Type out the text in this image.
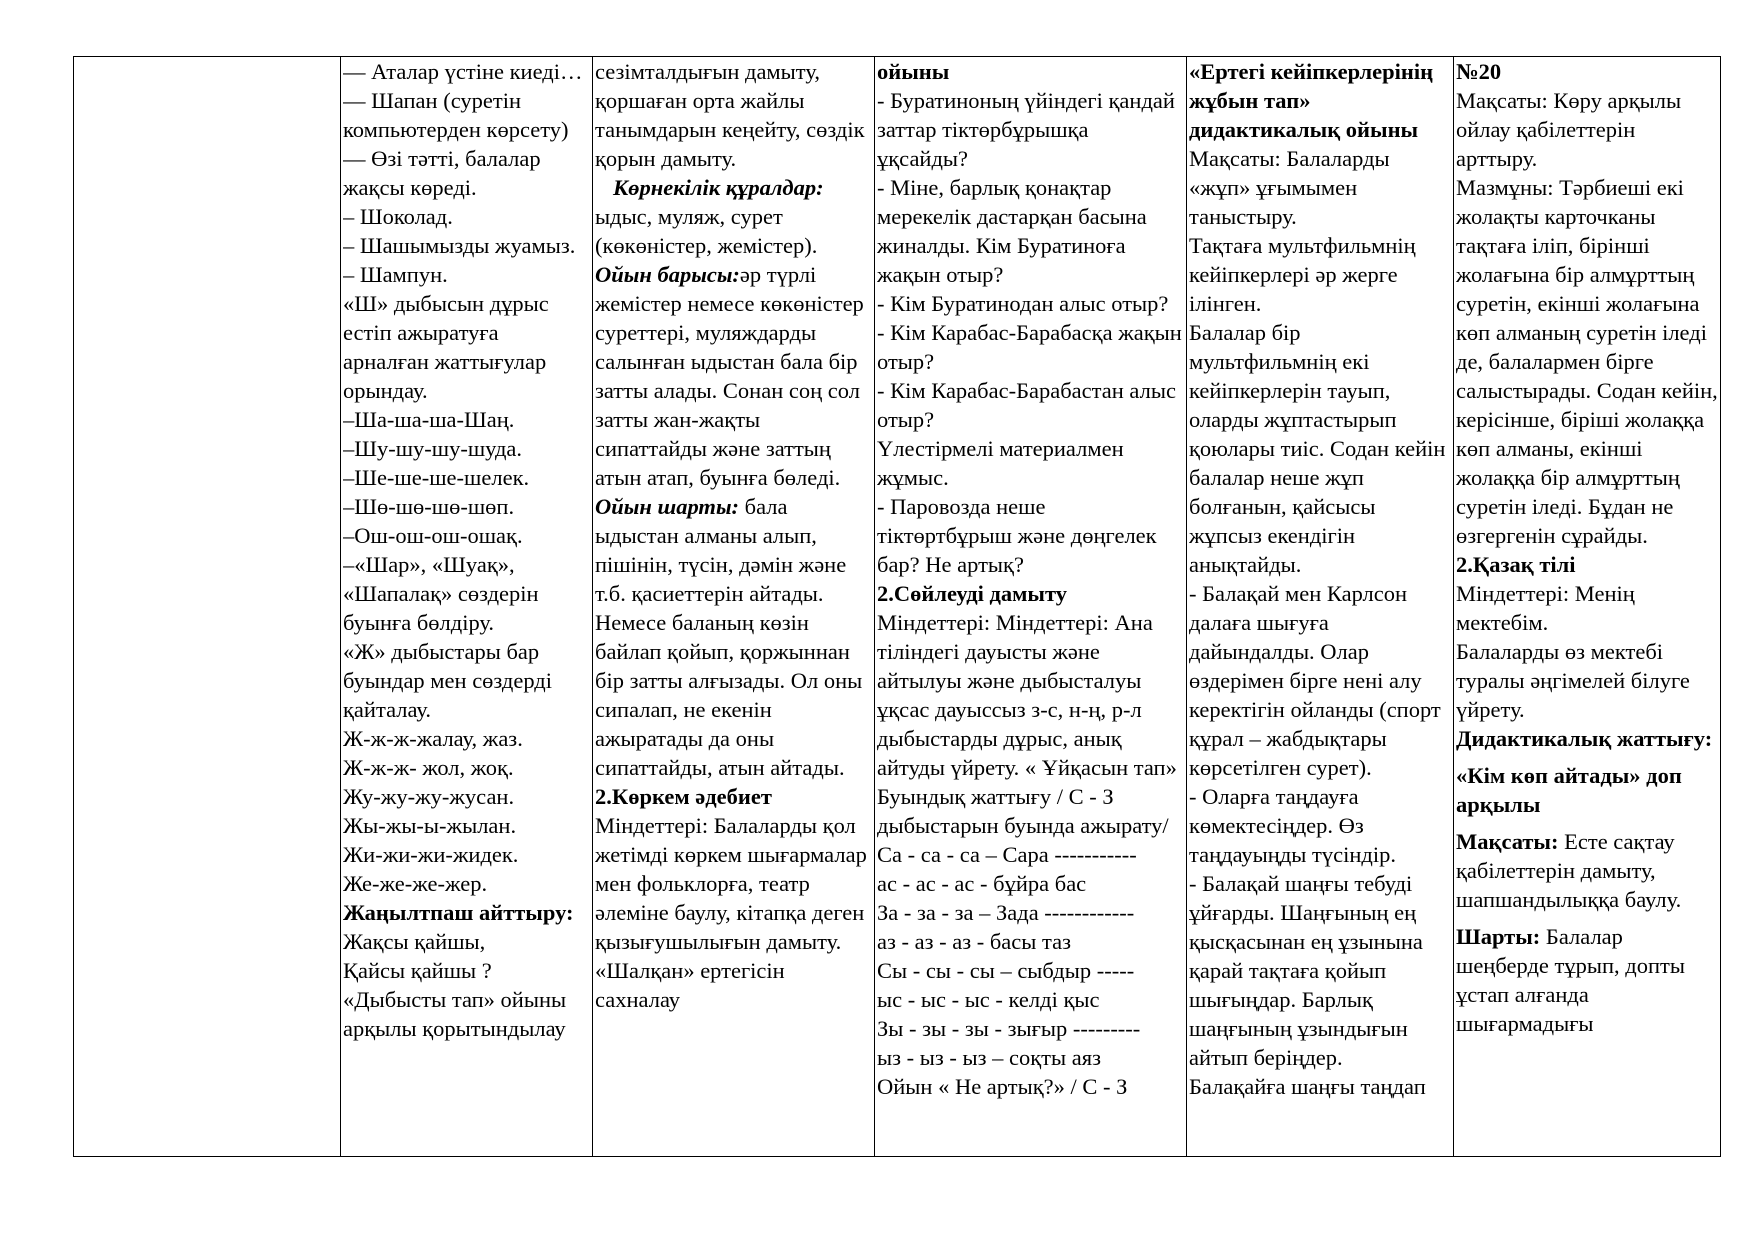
— Аталар үстіне киеді…
— Шапан (суретін компьютерден көрсету)
— Өзі тәтті, балалар жақсы көреді.
– Шоколад.
– Шашымызды жуамыз.
– Шампун.
«Ш» дыбысын дұрыс естіп ажыратуға арналған жаттығулар орындау.
–Ша-ша-ша-Шаң.
–Шу-шу-шу-шуда.
–Ше-ше-ше-шелек.
–Шө-шө-шө-шөп.
–Ош-ош-ош-ошақ.
–«Шар», «Шуақ», «Шапалақ» сөздерін буынға бөлдіру.
«Ж» дыбыстары бар буындар мен сөздерді қайталау.
Ж-ж-ж-жалау, жаз.
Ж-ж-ж- жол, жоқ.
Жу-жу-жу-жусан.
Жы-жы-ы-жылан.
Жи-жи-жи-жидек.
Же-же-же-жер.
Жаңылтпаш айттыру:
Жақсы қайшы,
Қайсы қайшы ?
«Дыбысты тап» ойыны арқылы қорытындылау

сезімталдығын дамыту, қоршаған орта жайлы танымдарын кеңейту, сөздік қорын дамыту.
Көрнекілік құралдар: ыдыс, муляж, сурет (көкөністер, жемістер).
Ойын барысы:әр түрлі жемістер немесе көкөністер суреттері, муляждарды салынған ыдыстан бала бір затты алады. Сонан соң сол затты жан-жақты сипаттайды және заттың атын атап, буынға бөледі.
Ойын шарты: бала ыдыстан алманы алып, пішінін, түсін, дәмін және т.б. қасиеттерін айтады. Немесе баланың көзін байлап қойып, қоржыннан бір затты алғызады. Ол оны сипалап, не екенін ажыратады да оны сипаттайды, атын айтады.
2.Көркем әдебиет
Міндеттері: Балаларды қол жетімді көркем шығармалар мен фольклорға, театр әлеміне баулу, кітапқа деген қызығушылығын дамыту.
«Шалқан» ертегісін сахналау

ойыны
- Буратиноның үйіндегі қандай заттар тіктөрбұрышқа ұқсайды?
- Міне, барлық қонақтар мерекелік дастарқан басына жиналды. Кім Буратиноға жақын отыр?
- Кім Буратинодан алыс отыр?
- Кім Карабас-Барабасқа жақын отыр?
- Кім Карабас-Барабастан алыс отыр?
Үлестірмелі материалмен жұмыс.
- Паровозда неше тіктөртбұрыш және дөңгелек бар? Не артық?
2.Сөйлеуді дамыту
Міндеттері: Міндеттері: Ана тіліндегі дауысты және айтылуы және дыбысталуы ұқсас дауыссыз з-с, н-ң, р-л дыбыстарды дұрыс, анық айтуды үйрету. « Ұйқасын тап» Буындық жаттығу / С - З дыбыстарын буында ажырату/
Са - са - са – Сара -----------
ас - ас - ас - бұйра бас
За - за - за – Зада ------------
аз - аз - аз - басы таз
Сы - сы - сы – сыбдыр -----
ыс - ыс - ыс - келді қыс
Зы - зы - зы - зығыр ---------
ыз - ыз - ыз – соқты аяз
Ойын « Не артық?» / С - З

«Ертегі кейіпкерлерінің жұбын тап» дидактикалық ойыны
Мақсаты: Балаларды «жұп» ұғымымен таныстыру.
Тақтаға мультфильмнің кейіпкерлері әр жерге ілінген.
Балалар бір мультфильмнің екі кейіпкерлерін тауып, оларды жұптастырып қоюлары тиіс. Содан кейін балалар неше жұп болғанын, қайсысы жұпсыз екендігін анықтайды.
- Балақай мен Карлсон далаға шығуға дайындалды. Олар өздерімен бірге нені алу керектігін ойланды (спорт құрал – жабдықтары көрсетілген сурет).
- Оларға таңдауға көмектесіңдер. Өз таңдауыңды түсіндір.
- Балақай шаңғы тебуді ұйғарды. Шаңғының ең қысқасынан ең ұзынына қарай тақтаға қойып шығыңдар. Барлық шаңғының ұзындығын айтып беріңдер.
Балақайға шаңғы таңдап

№20
Мақсаты: Көру арқылы ойлау қабілеттерін арттыру.
Мазмұны: Тәрбиеші екі жолақты карточканы тақтаға іліп, бірінші жолағына бір алмұрттың суретін, екінші жолағына көп алманың суретін іледі де, балалармен бірге салыстырады. Содан кейін, керісінше, біріші жолаққа көп алманы, екінші жолаққа бір алмұрттың суретін іледі. Бұдан не өзгергенін сұрайды.
2.Қазақ тілі
Міндеттері: Менің мектебім.
Балаларды өз мектебі туралы әңгімелей білуге үйрету.
Дидактикалық жаттығу:
«Кім көп айтады» доп арқылы
Мақсаты: Есте сақтау қабілеттерін дамыту, шапшандылыққа баулу.
Шарты: Балалар шеңберде тұрып, допты ұстап алғанда шығармадығы
